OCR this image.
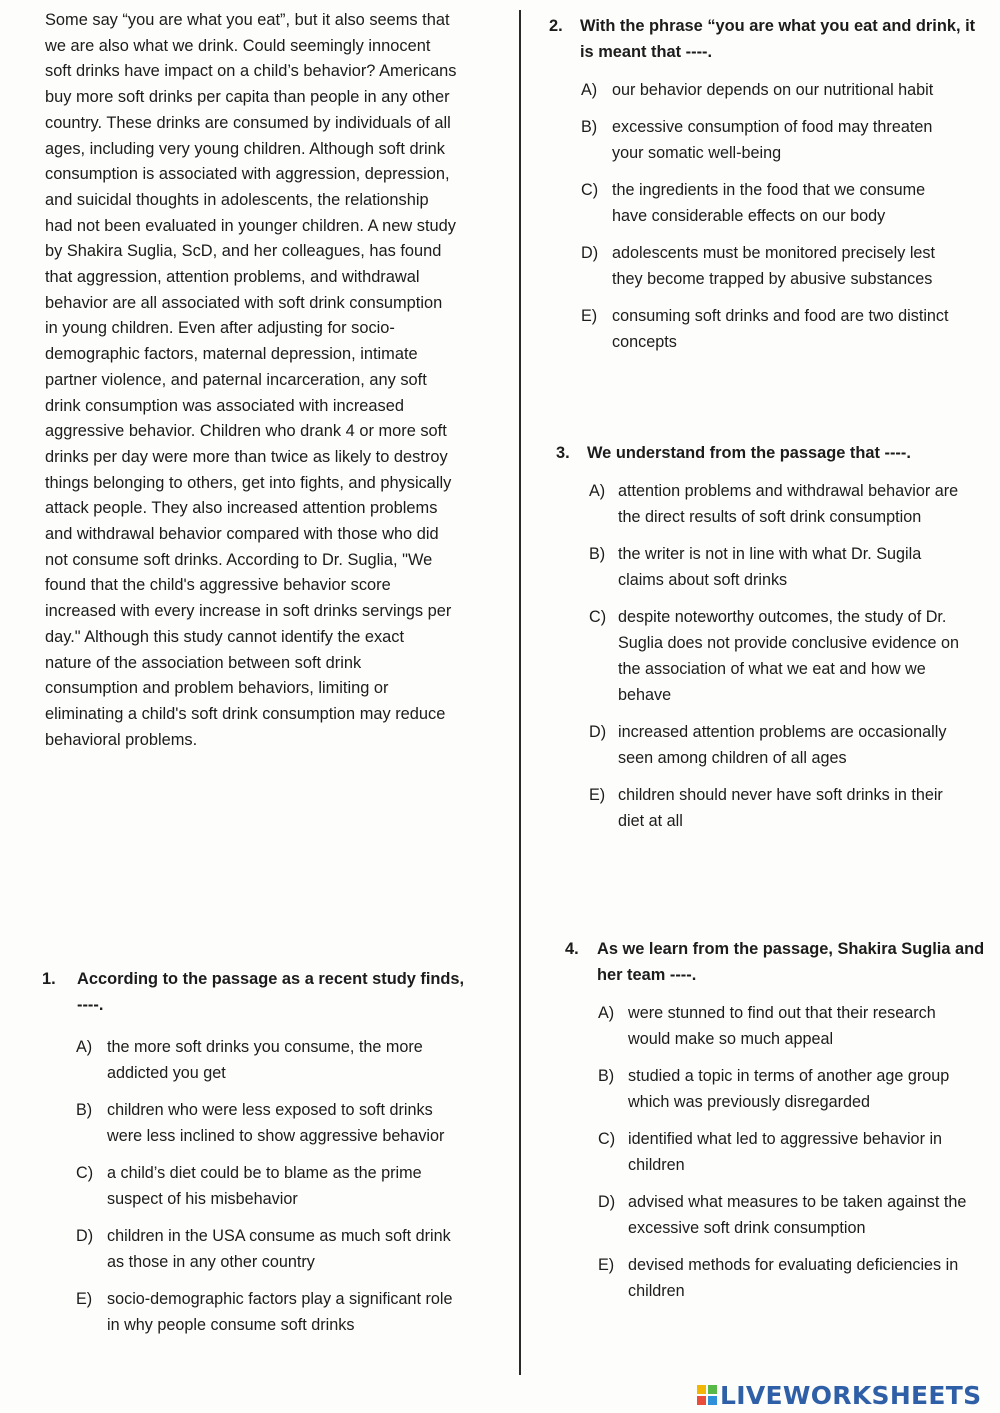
Some say “you are what you eat”, but it also seems that
we are also what we drink. Could seemingly innocent
soft drinks have impact on a child’s behavior? Americans
buy more soft drinks per capita than people in any other
country. These drinks are consumed by individuals of all
ages, including very young children. Although soft drink
consumption is associated with aggression, depression,
and suicidal thoughts in adolescents, the relationship
had not been evaluated in younger children. A new study
by Shakira Suglia, ScD, and her colleagues, has found
that aggression, attention problems, and withdrawal
behavior are all associated with soft drink consumption
in young children. Even after adjusting for socio-
demographic factors, maternal depression, intimate
partner violence, and paternal incarceration, any soft
drink consumption was associated with increased
aggressive behavior. Children who drank 4 or more soft
drinks per day were more than twice as likely to destroy
things belonging to others, get into fights, and physically
attack people. They also increased attention problems
and withdrawal behavior compared with those who did
not consume soft drinks. According to Dr. Suglia, "We
found that the child's aggressive behavior score
increased with every increase in soft drinks servings per
day." Although this study cannot identify the exact
nature of the association between soft drink
consumption and problem behaviors, limiting or
eliminating a child's soft drink consumption may reduce
behavioral problems.
1.	According to the passage as a recent study finds,
----.
A) the more soft drinks you consume, the more
addicted you get
B) children who were less exposed to soft drinks
were less inclined to show aggressive behavior
C) a child’s diet could be to blame as the prime
suspect of his misbehavior
D) children in the USA consume as much soft drink
as those in any other country
E) socio-demographic factors play a significant role
in why people consume soft drinks
2.	With the phrase “you are what you eat and drink, it
is meant that ----.
A) our behavior depends on our nutritional habit
B) excessive consumption of food may threaten
your somatic well-being
C) the ingredients in the food that we consume
have considerable effects on our body
D) adolescents must be monitored precisely lest
they become trapped by abusive substances
E) consuming soft drinks and food are two distinct
concepts
3.	We understand from the passage that ----.
A) attention problems and withdrawal behavior are
the direct results of soft drink consumption
B) the writer is not in line with what Dr. Sugila
claims about soft drinks
C) despite noteworthy outcomes, the study of Dr.
Suglia does not provide conclusive evidence on
the association of what we eat and how we
behave
D) increased attention problems are occasionally
seen among children of all ages
E) children should never have soft drinks in their
diet at all
4.	As we learn from the passage, Shakira Suglia and
her team ----.
A) were stunned to find out that their research
would make so much appeal
B) studied a topic in terms of another age group
which was previously disregarded
C) identified what led to aggressive behavior in
children
D) advised what measures to be taken against the
excessive soft drink consumption
E) devised methods for evaluating deficiencies in
children
LIVEWORKSHEETS
